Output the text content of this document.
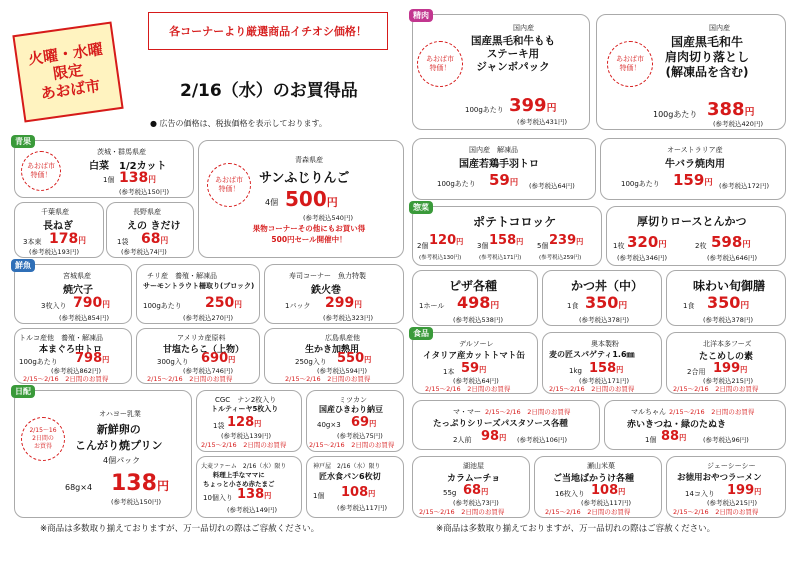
火曜・水曜
限定
あおば市
各コーナーより厳選商品イチオシ価格！
2/16（水）のお買得品
● 広告の価格は、税抜価格を表示しております。
青果
あおば市
特価！
茨城・群馬県産
白菜　1/2カット
1個 138円
(参考税込150円)
千葉県産
長ねぎ
3本束 178円
(参考税込193円)
長野県産
えの きだけ
1袋 68円
(参考税込74円)
あおば市
特価！
青森県産
サンふじりんご
4個 500円
(参考税込540円)
果物コーナーその他にもお買い得
500円セール開催中！
鮮魚
宮城県産
焼穴子
3枚入り 790円
(参考税込854円)
チリ産　養殖・解凍品
サーモントラウト柵取り(ブロック)
100gあたり 250円
(参考税込270円)
寿司コーナー　魚力特製
鉄火巻
1パック 299円
(参考税込323円)
トルコ産他　養殖・解凍品
本まぐろ中トロ
100gあたり 798円
(参考税込862円)
2/15〜2/16　2日間のお買得
アメリカ産原料
甘塩たらこ（上物）
300g入り 690円
(参考税込746円)
2/15〜2/16　2日間のお買得
広島県産他
生かき加熱用
250g入り 550円
(参考税込594円)
2/15〜2/16　2日間のお買得
日配
2/15〜16
2日間の
お買得
オハヨー乳業
新鮮卵の
こんがり焼プリン
4個パック
68g×4 138円
(参考税込150円)
CGC　ナン2枚入り
トルティーヤ5枚入り
1袋 128円
(参考税込139円)
2/15〜2/16　2日間のお買得
ミツカン
国産ひきわり納豆
40g×3 69円
(参考税込75円)
2/15〜2/16　2日間のお買得
大麦ファーム　2/16（水）限り
料理上手なママに
ちょっと小さめ赤たまご
10個入り 138円
(参考税込149円)
神戸屋　2/16（水）限り
匠水食パン6枚切
1個 108円
(参考税込117円)
※商品は多数取り揃えておりますが、万一品切れの際はご容赦ください。
精肉
あおば市
特価！
国内産
国産黒毛和牛もも
ステーキ用
ジャンボパック
100gあたり 399円
(参考税込431円)
あおば市
特価！
国内産
国産黒毛和牛
肩肉切り落とし
(解凍品を含む)
100gあたり 388円
(参考税込420円)
国内産　解凍品
国産若鶏手羽トロ
100gあたり 59円 (参考税込64円)
オーストラリア産
牛バラ焼肉用
100gあたり 159円 (参考税込172円)
惣菜
ポテトコロッケ
2個 120円
(参考税込130円)
3個 158円
(参考税込171円)
5個 239円
(参考税込259円)
厚切りロースとんかつ
1枚 320円
(参考税込346円)
2枚 598円
(参考税込646円)
ピザ各種
1ホール 498円
(参考税込538円)
かつ丼（中）
1食 350円
(参考税込378円)
味わい旬御膳
1食 350円
(参考税込378円)
食品
デルソーレ
イタリア産カットトマト缶
1本 59円
(参考税込64円)
2/15〜2/16　2日間のお買得
奥本製粉
麦の匠スパゲティ1.6㎜
1kg 158円
(参考税込171円)
2/15〜2/16　2日間のお買得
北洋本多フーズ
たこめしの素
2合用 199円
(参考税込215円)
2/15〜2/16　2日間のお買得
マ・マー 2/15〜2/16　2日間のお買得
たっぷりシリーズパスタソース各種
2人前 98円 (参考税込106円)
マルちゃん 2/15〜2/16　2日間のお買得
赤いきつね・緑のたぬき
1個 88円	(参考税込96円)
湖池屋
カラムーチョ
55g 68円
(参考税込73円)
2/15〜2/16　2日間のお買得
瀬山米菓
ご当地ばかうけ各種
16枚入り 108円
(参考税込117円)
2/15〜2/16　2日間のお買得
ジェーシーシー
お徳用おやつラーメン
14コ入り 199円
(参考税込215円)
2/15〜2/16　2日間のお買得
※商品は多数取り揃えておりますが、万一品切れの際はご容赦ください。
